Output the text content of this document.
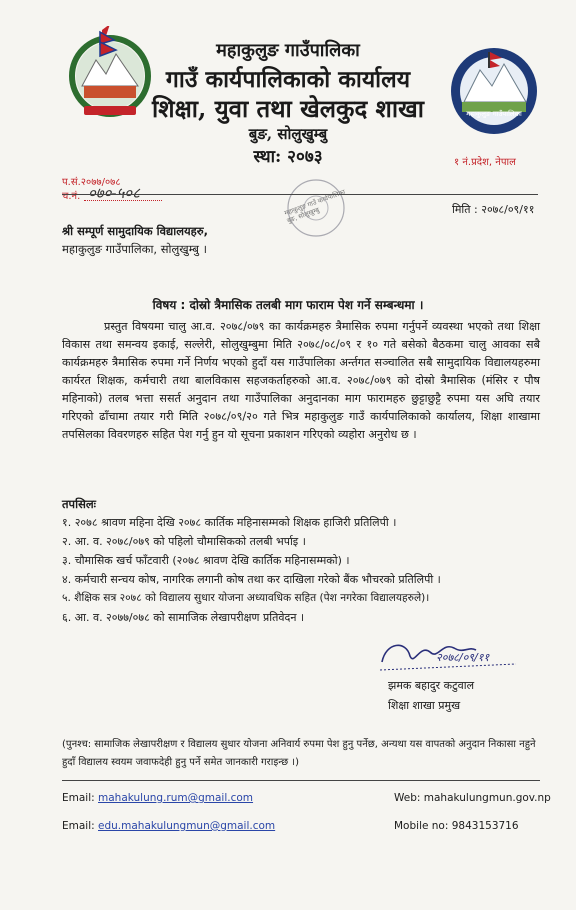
महाकुलुङ गाउँपालिका
महाकुलुङ गाउँपालिका
गाउँ कार्यपालिकाको कार्यालय
शिक्षा, युवा तथा खेलकुद शाखा
बुङ, सोलुखुम्बु
स्था: २०७३	१ नं.प्रदेश, नेपाल
प.सं.२०७७/०७८
च.नं. ०७०-५०८	महाकुलुङ गाउँ कार्यपालिका बुङ, सोलुखुम्बु	मिति : २०७८/०९/११
श्री सम्पूर्ण सामुदायिक विद्यालयहरु,
महाकुलुङ गाउँपालिका, सोलुखुम्बु ।
विषय : दोस्रो त्रैमासिक तलबी माग फाराम पेश गर्ने सम्बन्धमा ।
प्रस्तुत विषयमा चालु आ.व. २०७८/०७९ का कार्यक्रमहरु त्रैमासिक रुपमा गर्नुपर्ने व्यवस्था भएको तथा शिक्षा विकास तथा समन्वय इकाई, सल्लेरी, सोलुखुम्बुमा मिति २०७८/०८/०९ र १० गते बसेको बैठकमा चालु आवका सबै कार्यक्रमहरु त्रैमासिक रुपमा गर्ने निर्णय भएको हुदाँ यस गाउँपालिका अर्न्तगत सञ्चालित सबै सामुदायिक विद्यालयहरुमा कार्यरत शिक्षक, कर्मचारी तथा बालविकास सहजकर्ताहरुको आ.व. २०७८/०७९ को दोस्रो त्रैमासिक (मंसिर र पौष महिनाको) तलब भत्ता ससर्त अनुदान तथा गाउँपालिका अनुदानका माग फारामहरु छुट्टाछुट्टै रुपमा यस अघि तयार गरिएको ढाँचामा तयार गरी मिति २०७८/०९/२० गते भित्र महाकुलुङ गाउँ कार्यपालिकाको कार्यालय, शिक्षा शाखामा तपसिलका विवरणहरु सहित पेश गर्नु हुन यो सूचना प्रकाशन गरिएको व्यहोरा अनुरोध छ ।
तपसिलः
१. २०७८ श्रावण महिना देखि २०७८ कार्तिक महिनासम्मको शिक्षक हाजिरी प्रतिलिपी ।
२. आ. व. २०७८/०७९ को पहिलो चौमासिकको तलबी भर्पाइ ।
३. चौमासिक खर्च फाँटवारी (२०७८ श्रावण देखि कार्तिक महिनासम्मको) ।
४. कर्मचारी सन्चय कोष, नागरिक लगानी कोष तथा कर दाखिला गरेको बैंक भौचरको प्रतिलिपी ।
५. शैक्षिक सत्र २०७८ को विद्यालय सुधार योजना अध्यावधिक सहित (पेश नगरेका विद्यालयहरुले)।
६. आ. व. २०७७/०७८ को सामाजिक लेखापरीक्षण प्रतिवेदन ।
२०७८/०९/११
झमक बहादुर कटुवाल
शिक्षा शाखा प्रमुख
(पुनश्च: सामाजिक लेखापरीक्षण र विद्यालय सुधार योजना अनिवार्य रुपमा पेश हुनु पर्नेछ, अन्यथा यस वापतको अनुदान निकासा नहुने हुदाँ विद्यालय स्वयम जवाफदेही हुनु पर्ने समेत जानकारी गराइन्छ ।)
Email: mahakulung.rum@gmail.com	Web: mahakulungmun.gov.np
Email: edu.mahakulungmun@gmail.com	Mobile no: 9843153716
